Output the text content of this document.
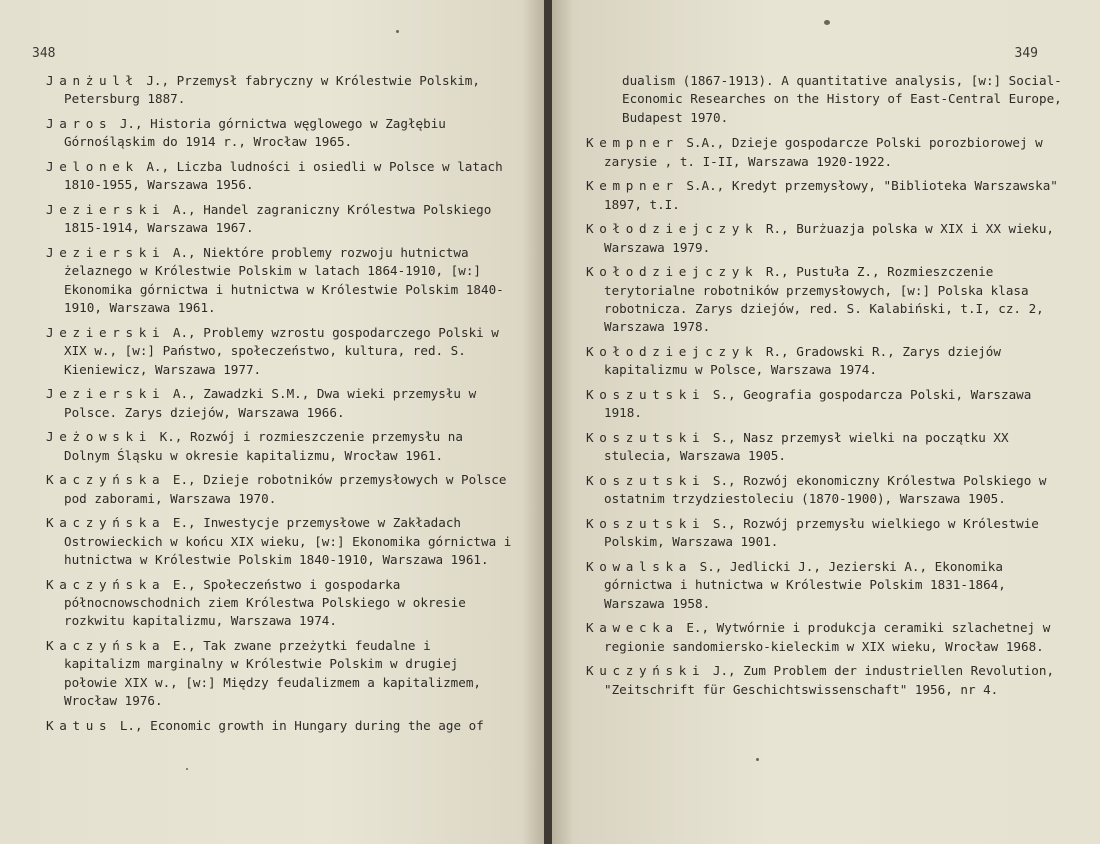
348
Janżulł J., Przemysł fabryczny w Królestwie Polskim, Petersburg 1887.
Jaros J., Historia górnictwa węglowego w Zagłębiu Górnośląskim do 1914 r., Wrocław 1965.
Jelonek A., Liczba ludności i osiedli w Polsce w latach 1810-1955, Warszawa 1956.
Jezierski A., Handel zagraniczny Królestwa Polskiego 1815-1914, Warszawa 1967.
Jezierski A., Niektóre problemy rozwoju hutnictwa żelaznego w Królestwie Polskim w latach 1864-1910, [w:] Ekonomika górnictwa i hutnictwa w Królestwie Polskim 1840-1910, Warszawa 1961.
Jezierski A., Problemy wzrostu gospodarczego Polski w XIX w., [w:] Państwo, społeczeństwo, kultura, red. S. Kieniewicz, Warszawa 1977.
Jezierski A., Zawadzki S.M., Dwa wieki przemysłu w Polsce. Zarys dziejów, Warszawa 1966.
Jeżowski K., Rozwój i rozmieszczenie przemysłu na Dolnym Śląsku w okresie kapitalizmu, Wrocław 1961.
Kaczyńska E., Dzieje robotników przemysłowych w Polsce pod zaborami, Warszawa 1970.
Kaczyńska E., Inwestycje przemysłowe w Zakładach Ostrowieckich w końcu XIX wieku, [w:] Ekonomika górnictwa i hutnictwa w Królestwie Polskim 1840-1910, Warszawa 1961.
Kaczyńska E., Społeczeństwo i gospodarka północnowschodnich ziem Królestwa Polskiego w okresie rozkwitu kapitalizmu, Warszawa 1974.
Kaczyńska E., Tak zwane przeżytki feudalne i kapitalizm marginalny w Królestwie Polskim w drugiej połowie XIX w., [w:] Między feudalizmem a kapitalizmem, Wrocław 1976.
Katus L., Economic growth in Hungary during the age of
349
dualism (1867-1913). A quantitative analysis, [w:] Social-Economic Researches on the History of East-Central Europe, Budapest 1970.
Kempner S.A., Dzieje gospodarcze Polski porozbiorowej w zarysie , t. I-II, Warszawa 1920-1922.
Kempner S.A., Kredyt przemysłowy, "Biblioteka Warszawska" 1897, t.I.
Kołodziejczyk R., Burżuazja polska w XIX i XX wieku, Warszawa 1979.
Kołodziejczyk R., Pustuła Z., Rozmieszczenie terytorialne robotników przemysłowych, [w:] Polska klasa robotnicza. Zarys dziejów, red. S. Kalabiński, t.I, cz. 2, Warszawa 1978.
Kołodziejczyk R., Gradowski R., Zarys dziejów kapitalizmu w Polsce, Warszawa 1974.
Koszutski S., Geografia gospodarcza Polski, Warszawa 1918.
Koszutski S., Nasz przemysł wielki na początku XX stulecia, Warszawa 1905.
Koszutski S., Rozwój ekonomiczny Królestwa Polskiego w ostatnim trzydziestoleciu (1870-1900), Warszawa 1905.
Koszutski S., Rozwój przemysłu wielkiego w Królestwie Polskim, Warszawa 1901.
Kowalska S., Jedlicki J., Jezierski A., Ekonomika górnictwa i hutnictwa w Królestwie Polskim 1831-1864, Warszawa 1958.
Kawecka E., Wytwórnie i produkcja ceramiki szlachetnej w regionie sandomiersko-kieleckim w XIX wieku, Wrocław 1968.
Kuczyński J., Zum Problem der industriellen Revolution, "Zeitschrift für Geschichtswissenschaft" 1956, nr 4.
